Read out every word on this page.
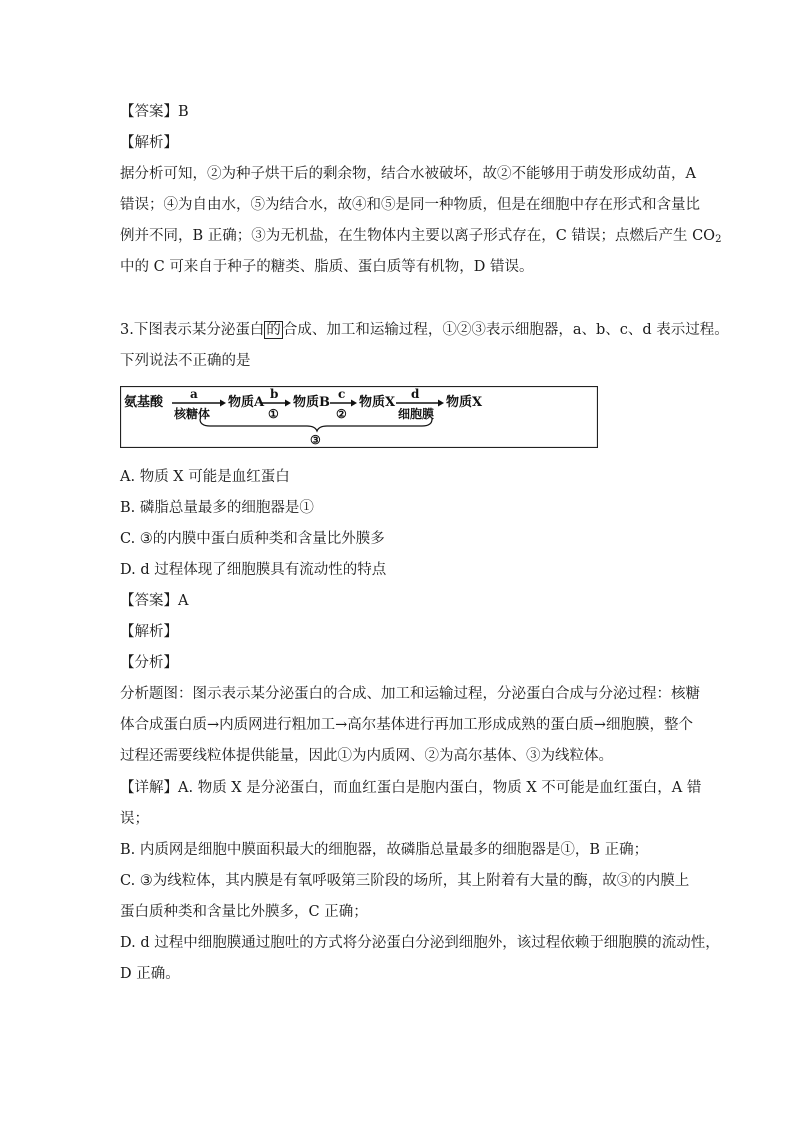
【答案】B
【解析】
据分析可知，②为种子烘干后的剩余物，结合水被破坏，故②不能够用于萌发形成幼苗，A
错误；④为自由水，⑤为结合水，故④和⑤是同一种物质，但是在细胞中存在形式和含量比
例并不同，B 正确；③为无机盐，在生物体内主要以离子形式存在，C 错误；点燃后产生 $CO_2$
中的 C 可来自于种子的糖类、脂质、蛋白质等有机物，D 错误。
3.下图表示某分泌蛋白 的 合成、加工和运输过程，①②③表示细胞器，a、b、c、d 表示过程。
下列说法不正确的是
氨基酸
a
核糖体
物质A
b
①
物质B
c
②
物质X
d
细胞膜
物质X
③
A. 物质 X 可能是血红蛋白
B. 磷脂总量最多的细胞器是①
C. ③的内膜中蛋白质种类和含量比外膜多
D. d 过程体现了细胞膜具有流动性的特点
【答案】A
【解析】
【分析】
分析题图：图示表示某分泌蛋白的合成、加工和运输过程，分泌蛋白合成与分泌过程：核糖
体合成蛋白质→内质网进行粗加工→高尔基体进行再加工形成成熟的蛋白质→细胞膜，整个
过程还需要线粒体提供能量，因此①为内质网、②为高尔基体、③为线粒体。
【详解】A. 物质 X 是分泌蛋白，而血红蛋白是胞内蛋白，物质 X 不可能是血红蛋白，A 错
误；
B. 内质网是细胞中膜面积最大的细胞器，故磷脂总量最多的细胞器是①，B 正确；
C. ③为线粒体，其内膜是有氧呼吸第三阶段的场所，其上附着有大量的酶，故③的内膜上
蛋白质种类和含量比外膜多，C 正确；
D. d 过程中细胞膜通过胞吐的方式将分泌蛋白分泌到细胞外，该过程依赖于细胞膜的流动性，
D 正确。
